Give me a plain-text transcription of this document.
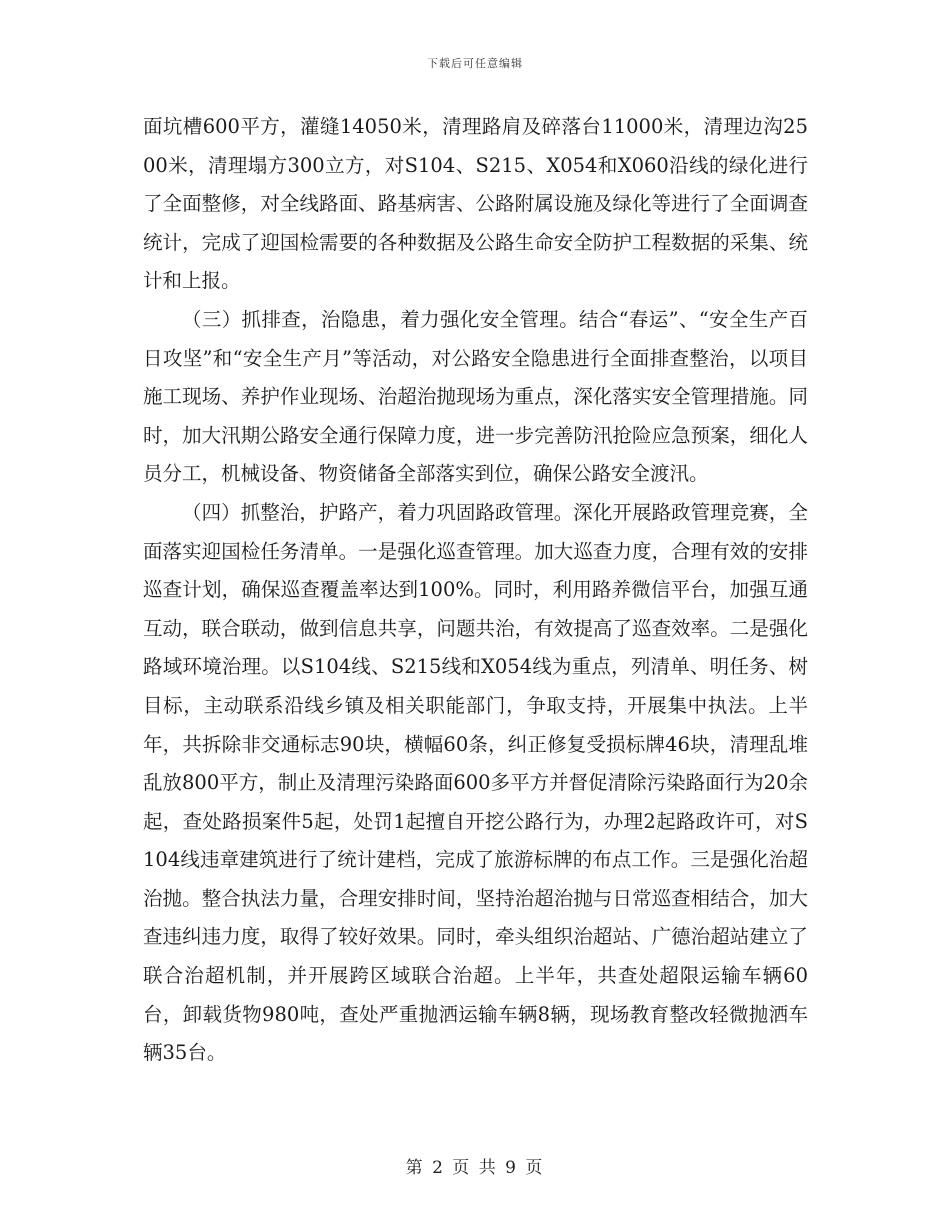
下载后可任意编辑

面坑槽600平方，灌缝14050米，清理路肩及碎落台11000米，清理边沟2500米，清理塌方300立方，对S104、S215、X054和X060沿线的绿化进行了全面整修，对全线路面、路基病害、公路附属设施及绿化等进行了全面调查统计，完成了迎国检需要的各种数据及公路生命安全防护工程数据的采集、统计和上报。

（三）抓排查，治隐患，着力强化安全管理。结合“春运”、“安全生产百日攻坚”和“安全生产月”等活动，对公路安全隐患进行全面排查整治，以项目施工现场、养护作业现场、治超治抛现场为重点，深化落实安全管理措施。同时，加大汛期公路安全通行保障力度，进一步完善防汛抢险应急预案，细化人员分工，机械设备、物资储备全部落实到位，确保公路安全渡汛。

（四）抓整治，护路产，着力巩固路政管理。深化开展路政管理竞赛，全面落实迎国检任务清单。一是强化巡查管理。加大巡查力度，合理有效的安排巡查计划，确保巡查覆盖率达到100%。同时，利用路养微信平台，加强互通互动，联合联动，做到信息共享，问题共治，有效提高了巡查效率。二是强化路域环境治理。以S104线、S215线和X054线为重点，列清单、明任务、树目标，主动联系沿线乡镇及相关职能部门，争取支持，开展集中执法。上半年，共拆除非交通标志90块，横幅60条，纠正修复受损标牌46块，清理乱堆乱放800平方，制止及清理污染路面600多平方并督促清除污染路面行为20余起，查处路损案件5起，处罚1起擅自开挖公路行为，办理2起路政许可，对S104线违章建筑进行了统计建档，完成了旅游标牌的布点工作。三是强化治超治抛。整合执法力量，合理安排时间，坚持治超治抛与日常巡查相结合，加大查违纠违力度，取得了较好效果。同时，牵头组织治超站、广德治超站建立了联合治超机制，并开展跨区域联合治超。上半年，共查处超限运输车辆60台，卸载货物980吨，查处严重抛洒运输车辆8辆，现场教育整改轻微抛洒车辆35台。

第 2 页 共 9 页
